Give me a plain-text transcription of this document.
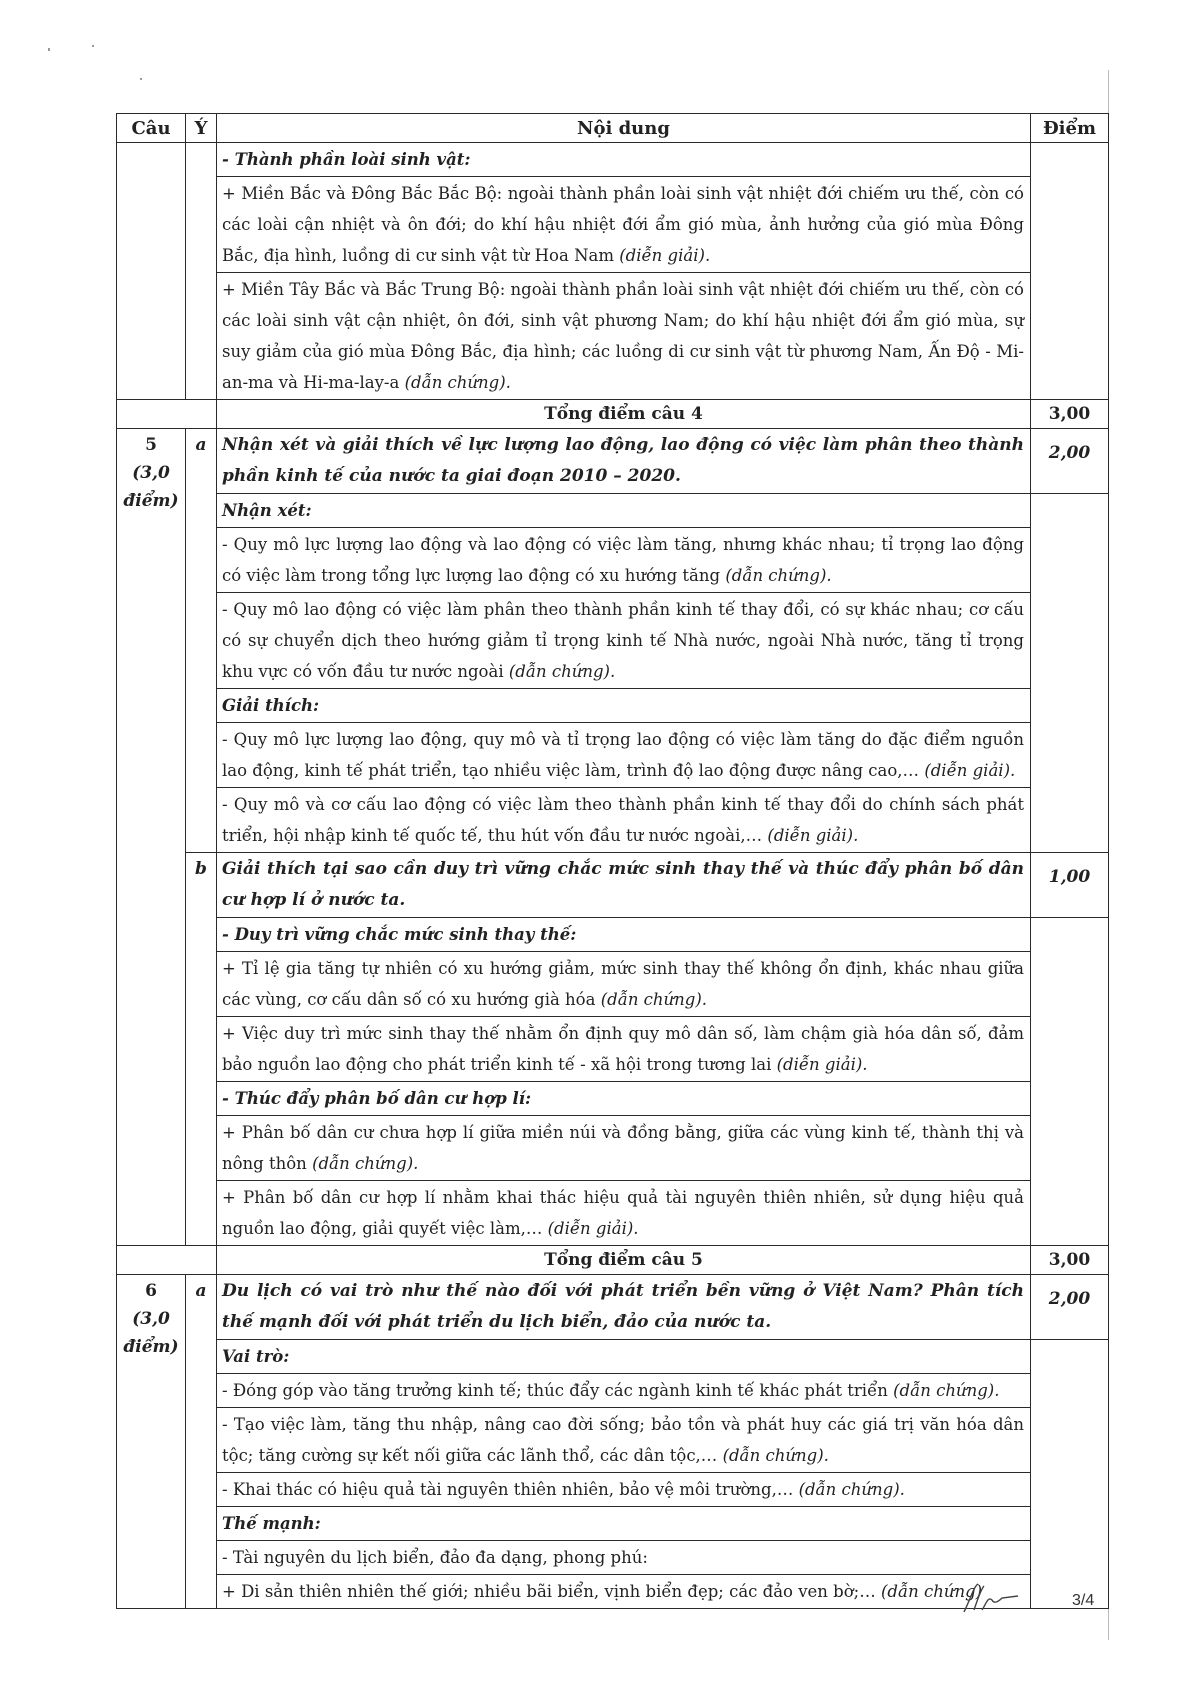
Câu	Ý	Nội dung	Điểm
		- Thành phần loài sinh vật:	
		+ Miền Bắc và Đông Bắc Bắc Bộ: ngoài thành phần loài sinh vật nhiệt đới chiếm ưu thế, còn có các loài cận nhiệt và ôn đới; do khí hậu nhiệt đới ẩm gió mùa, ảnh hưởng của gió mùa Đông Bắc, địa hình, luồng di cư sinh vật từ Hoa Nam (diễn giải).	
		+ Miền Tây Bắc và Bắc Trung Bộ: ngoài thành phần loài sinh vật nhiệt đới chiếm ưu thế, còn có các loài sinh vật cận nhiệt, ôn đới, sinh vật phương Nam; do khí hậu nhiệt đới ẩm gió mùa, sự suy giảm của gió mùa Đông Bắc, địa hình; các luồng di cư sinh vật từ phương Nam, Ấn Độ - Mi-an-ma và Hi-ma-lay-a (dẫn chứng).	
		Tổng điểm câu 4	3,00

5
(3,0
điểm)	a	Nhận xét và giải thích về lực lượng lao động, lao động có việc làm phân theo thành phần kinh tế của nước ta giai đoạn 2010 – 2020.	2,00
		Nhận xét:	
		- Quy mô lực lượng lao động và lao động có việc làm tăng, nhưng khác nhau; tỉ trọng lao động có việc làm trong tổng lực lượng lao động có xu hướng tăng (dẫn chứng).	
		- Quy mô lao động có việc làm phân theo thành phần kinh tế thay đổi, có sự khác nhau; cơ cấu có sự chuyển dịch theo hướng giảm tỉ trọng kinh tế Nhà nước, ngoài Nhà nước, tăng tỉ trọng khu vực có vốn đầu tư nước ngoài (dẫn chứng).	
		Giải thích:	
		- Quy mô lực lượng lao động, quy mô và tỉ trọng lao động có việc làm tăng do đặc điểm nguồn lao động, kinh tế phát triển, tạo nhiều việc làm, trình độ lao động được nâng cao,… (diễn giải).	
		- Quy mô và cơ cấu lao động có việc làm theo thành phần kinh tế thay đổi do chính sách phát triển, hội nhập kinh tế quốc tế, thu hút vốn đầu tư nước ngoài,… (diễn giải).	
	b	Giải thích tại sao cần duy trì vững chắc mức sinh thay thế và thúc đẩy phân bố dân cư hợp lí ở nước ta.	1,00
		- Duy trì vững chắc mức sinh thay thế:	
		+ Tỉ lệ gia tăng tự nhiên có xu hướng giảm, mức sinh thay thế không ổn định, khác nhau giữa các vùng, cơ cấu dân số có xu hướng già hóa (dẫn chứng).	
		+ Việc duy trì mức sinh thay thế nhằm ổn định quy mô dân số, làm chậm già hóa dân số, đảm bảo nguồn lao động cho phát triển kinh tế - xã hội trong tương lai (diễn giải).	
		- Thúc đẩy phân bố dân cư hợp lí:	
		+ Phân bố dân cư chưa hợp lí giữa miền núi và đồng bằng, giữa các vùng kinh tế, thành thị và nông thôn (dẫn chứng).	
		+ Phân bố dân cư hợp lí nhằm khai thác hiệu quả tài nguyên thiên nhiên, sử dụng hiệu quả nguồn lao động, giải quyết việc làm,… (diễn giải).	
		Tổng điểm câu 5	3,00

6
(3,0
điểm)	a	Du lịch có vai trò như thế nào đối với phát triển bền vững ở Việt Nam? Phân tích thế mạnh đối với phát triển du lịch biển, đảo của nước ta.	2,00
		Vai trò:	
		- Đóng góp vào tăng trưởng kinh tế; thúc đẩy các ngành kinh tế khác phát triển (dẫn chứng).	
		- Tạo việc làm, tăng thu nhập, nâng cao đời sống; bảo tồn và phát huy các giá trị văn hóa dân tộc; tăng cường sự kết nối giữa các lãnh thổ, các dân tộc,… (dẫn chứng).	
		- Khai thác có hiệu quả tài nguyên thiên nhiên, bảo vệ môi trường,… (dẫn chứng).	
		Thế mạnh:	
		- Tài nguyên du lịch biển, đảo đa dạng, phong phú:	
		+ Di sản thiên nhiên thế giới; nhiều bãi biển, vịnh biển đẹp; các đảo ven bờ;… (dẫn chứng)		3/4
